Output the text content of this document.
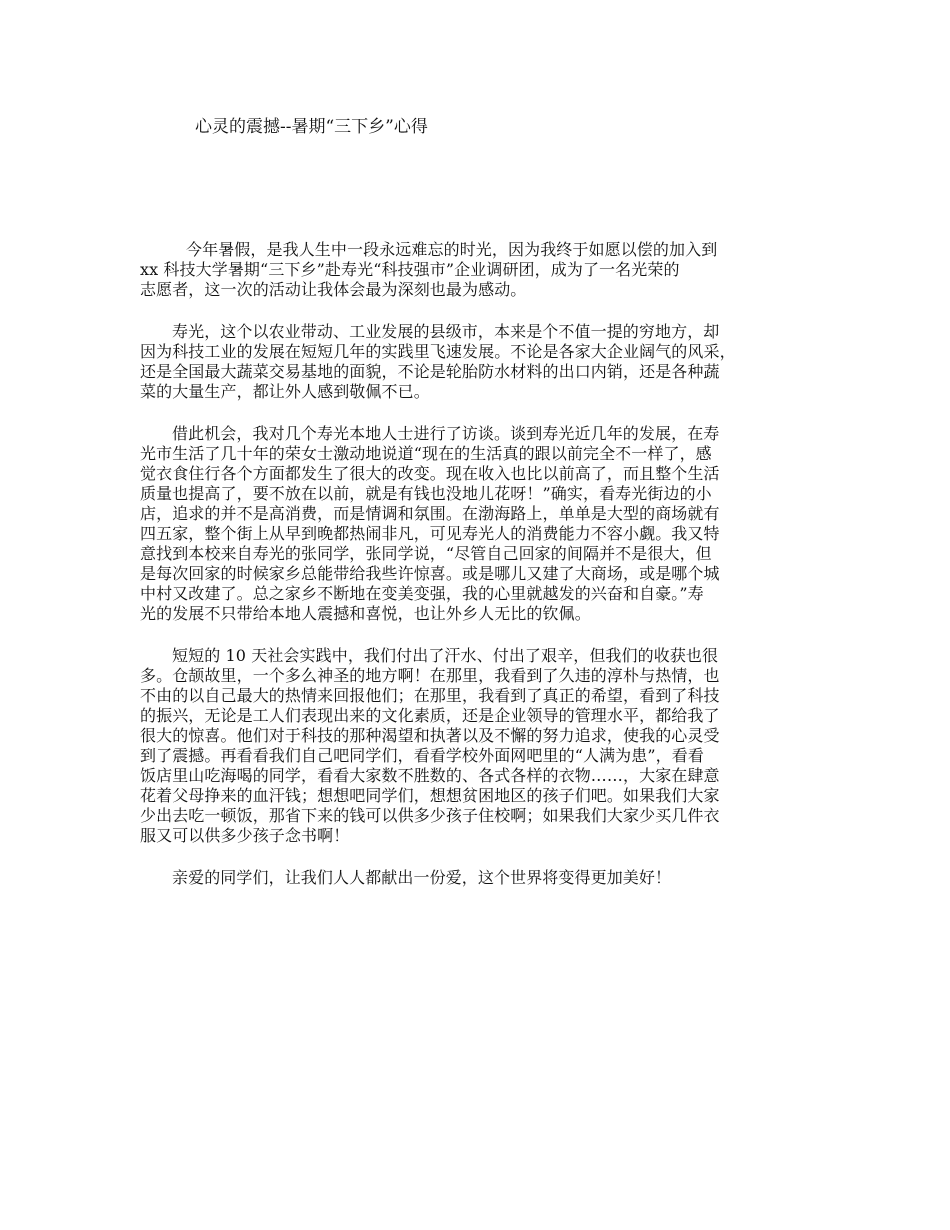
心灵的震撼--暑期“三下乡”心得

今年暑假，是我人生中一段永远难忘的时光，因为我终于如愿以偿的加入到
xx 科技大学暑期“三下乡”赴寿光“科技强市”企业调研团，成为了一名光荣的
志愿者，这一次的活动让我体会最为深刻也最为感动。

寿光，这个以农业带动、工业发展的县级市，本来是个不值一提的穷地方，却
因为科技工业的发展在短短几年的实践里飞速发展。不论是各家大企业阔气的风采，
还是全国最大蔬菜交易基地的面貌，不论是轮胎防水材料的出口内销，还是各种蔬
菜的大量生产，都让外人感到敬佩不已。

借此机会，我对几个寿光本地人士进行了访谈。谈到寿光近几年的发展，在寿
光市生活了几十年的荣女士激动地说道“现在的生活真的跟以前完全不一样了，感
觉衣食住行各个方面都发生了很大的改变。现在收入也比以前高了，而且整个生活
质量也提高了，要不放在以前，就是有钱也没地儿花呀！”确实，看寿光街边的小
店，追求的并不是高消费，而是情调和氛围。在渤海路上，单单是大型的商场就有
四五家，整个街上从早到晚都热闹非凡，可见寿光人的消费能力不容小觑。我又特
意找到本校来自寿光的张同学，张同学说，“尽管自己回家的间隔并不是很大，但
是每次回家的时候家乡总能带给我些许惊喜。或是哪儿又建了大商场，或是哪个城
中村又改建了。总之家乡不断地在变美变强，我的心里就越发的兴奋和自豪。”寿
光的发展不只带给本地人震撼和喜悦，也让外乡人无比的钦佩。

短短的 10 天社会实践中，我们付出了汗水、付出了艰辛，但我们的收获也很
多。仓颉故里，一个多么神圣的地方啊！在那里，我看到了久违的淳朴与热情，也
不由的以自己最大的热情来回报他们；在那里，我看到了真正的希望，看到了科技
的振兴，无论是工人们表现出来的文化素质，还是企业领导的管理水平，都给我了
很大的惊喜。他们对于科技的那种渴望和执著以及不懈的努力追求，使我的心灵受
到了震撼。再看看我们自己吧同学们，看看学校外面网吧里的“人满为患”，看看
饭店里山吃海喝的同学，看看大家数不胜数的、各式各样的衣物……，大家在肆意
花着父母挣来的血汗钱；想想吧同学们，想想贫困地区的孩子们吧。如果我们大家
少出去吃一顿饭，那省下来的钱可以供多少孩子住校啊；如果我们大家少买几件衣
服又可以供多少孩子念书啊！

亲爱的同学们，让我们人人都献出一份爱，这个世界将变得更加美好！
